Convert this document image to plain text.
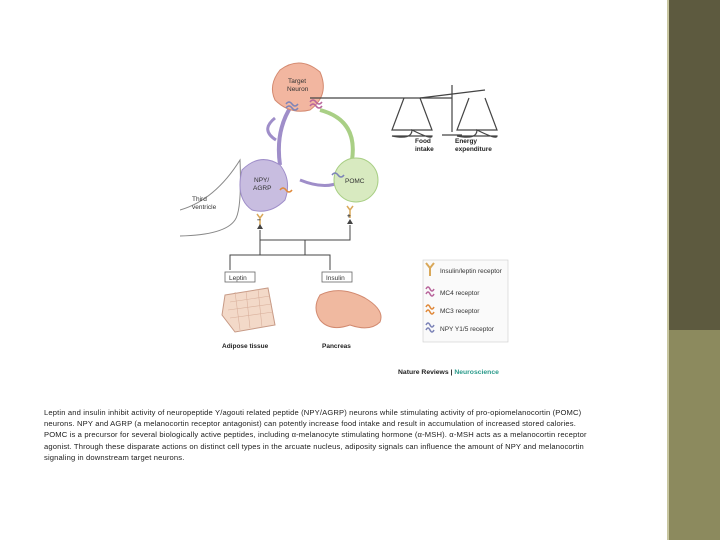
Third
ventricle
Target
Neuron
NPY/
AGRP
−
POMC
+
Leptin	Insulin
Adipose tissue	Pancreas
Food
intake
Energy
expenditure
Insulin/leptin receptor
MC4 receptor
MC3 receptor
NPY Y1/5 receptor
Nature Reviews | Neuroscience
Leptin and insulin inhibit activity of neuropeptide Y/agouti related peptide (NPY/AGRP) neurons while stimulating activity of pro-opiomelanocortin (POMC)
neurons. NPY and AGRP (a melanocortin receptor antagonist) can potently increase food intake and result in accumulation of increased stored calories.
POMC is a precursor for several biologically active peptides, including α-melanocyte stimulating hormone (α-MSH). α-MSH acts as a melanocortin receptor
agonist. Through these disparate actions on distinct cell types in the arcuate nucleus, adiposity signals can influence the amount of NPY and melanocortin
signaling in downstream target neurons.
